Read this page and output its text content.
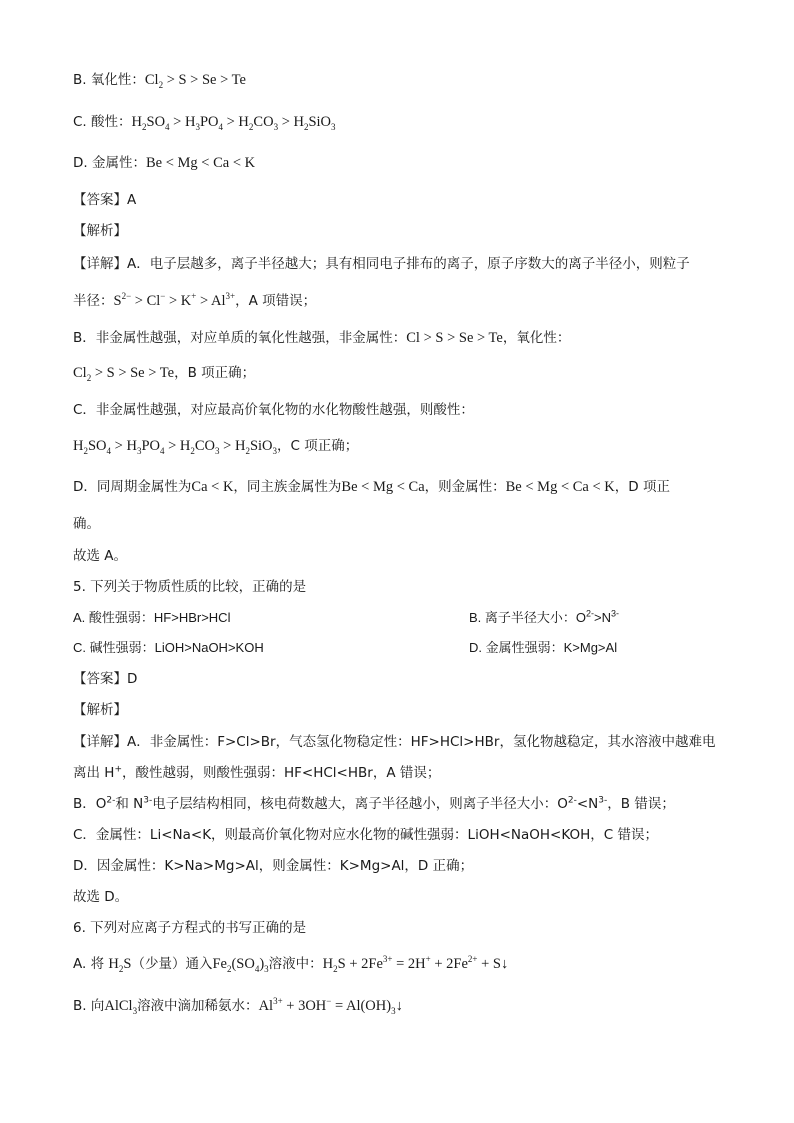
B. 氧化性：$Cl_2 > S > Se > Te$
C. 酸性：$H_2SO_4 > H_3PO_4 > H_2CO_3 > H_2SiO_3$
D. 金属性：Be < Mg < Ca < K
【答案】A
【解析】
【详解】A．电子层越多，离子半径越大；具有相同电子排布的离子，原子序数大的离子半径小，则粒子
半径：$S^{2-} > Cl^- > K^+ > Al^{3+}$，A 项错误；
B．非金属性越强，对应单质的氧化性越强，非金属性：Cl > S > Se > Te，氧化性：
$Cl_2 > S > Se > Te$，B 项正确；
C．非金属性越强，对应最高价氧化物的水化物酸性越强，则酸性：
$H_2SO_4 > H_3PO_4 > H_2CO_3 > H_2SiO_3$，C 项正确；
D．同周期金属性为Ca < K，同主族金属性为Be < Mg < Ca，则金属性：Be < Mg < Ca < K，D 项正
确。
故选 A。
5. 下列关于物质性质的比较，正确的是
A. 酸性强弱：HF>HBr>HCl	B. 离子半径大小：$O^{2-}>N^{3-}$
C. 碱性强弱：LiOH>NaOH>KOH	D. 金属性强弱：K>Mg>Al
【答案】D
【解析】
【详解】A．非金属性：F>Cl>Br，气态氢化物稳定性：HF>HCl>HBr，氢化物越稳定，其水溶液中越难电
离出 H+，酸性越弱，则酸性强弱：HF<HCl<HBr，A 错误；
B．$O^{2-}$和 $N^{3-}$电子层结构相同，核电荷数越大，离子半径越小，则离子半径大小：$O^{2-}<N^{3-}$，B 错误；
C．金属性：Li<Na<K，则最高价氧化物对应水化物的碱性强弱：LiOH<NaOH<KOH，C 错误；
D．因金属性：K>Na>Mg>Al，则金属性：K>Mg>Al，D 正确；
故选 D。
6. 下列对应离子方程式的书写正确的是
A. 将 $H_2S$（少量）通入$Fe_2(SO_4)_3$溶液中：$H_2S + 2Fe^{3+} = 2H^+ + 2Fe^{2+}$ + S↓
B. 向AlCl$_3$溶液中滴加稀氨水：$Al^{3+} + 3OH^-$ = $Al(OH)_3↓$
